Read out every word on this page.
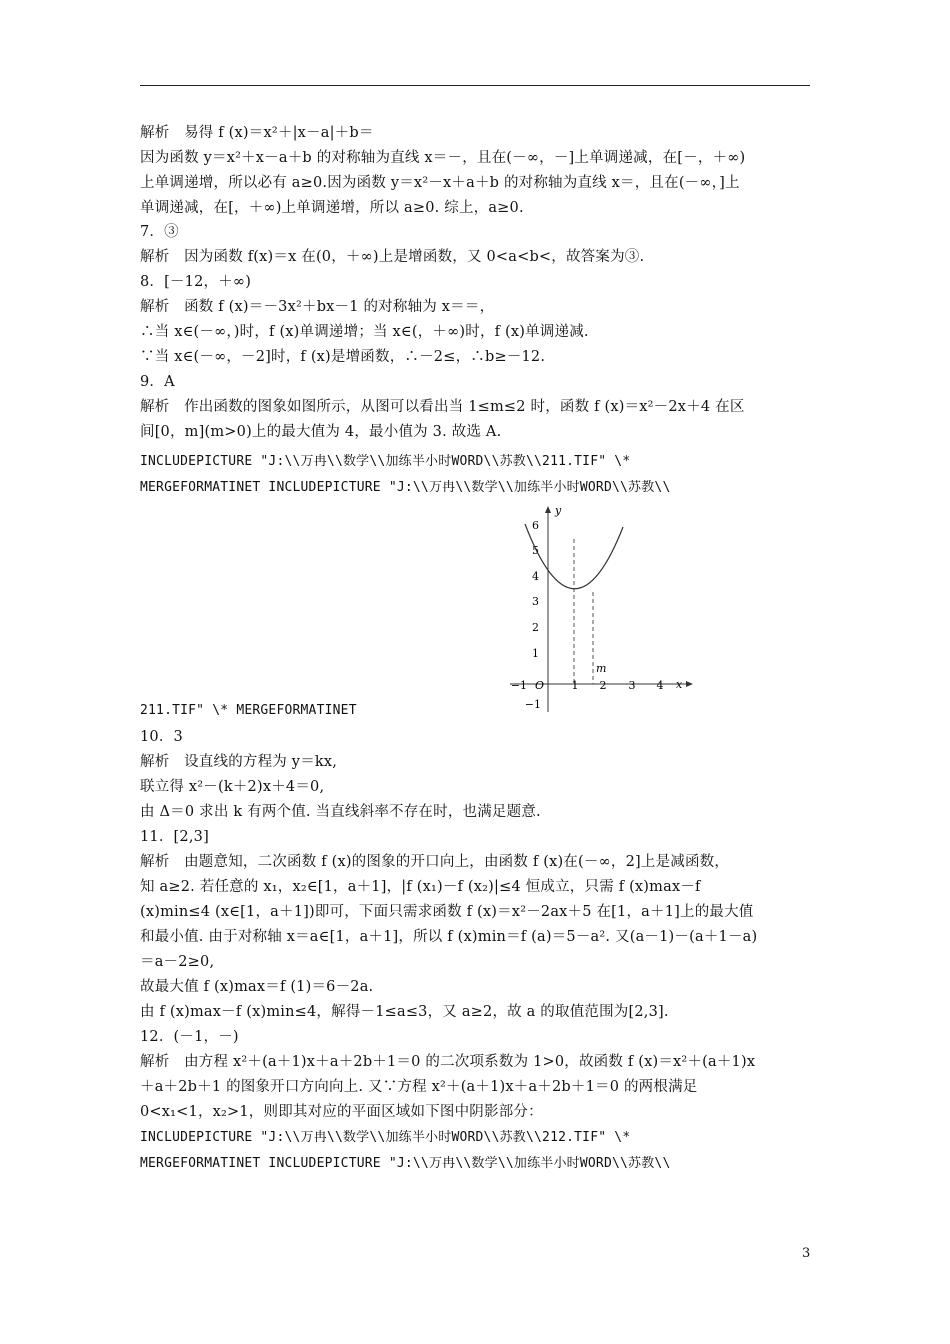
解析　易得 f (x)＝x²＋|x－a|＋b＝
因为函数 y＝x²＋x－a＋b 的对称轴为直线 x＝－，且在(－∞，－]上单调递减，在[－，＋∞)
上单调递增，所以必有 a≥0.因为函数 y＝x²－x＋a＋b 的对称轴为直线 x＝，且在(－∞，]上
单调递减，在[，＋∞)上单调递增，所以 a≥0. 综上，a≥0.
7．③
解析　因为函数 f(x)＝x 在(0，＋∞)上是增函数，又 0<a<b<，故答案为③.
8．[－12，＋∞)
解析　函数 f (x)＝－3x²＋bx－1 的对称轴为 x＝＝，
∴当 x∈(－∞，)时，f (x)单调递增；当 x∈(，＋∞)时，f (x)单调递减.
∵当 x∈(－∞，－2]时，f (x)是增函数，∴－2≤，∴b≥－12.
9．A
解析　作出函数的图象如图所示，从图可以看出当 1≤m≤2 时，函数 f (x)＝x²－2x＋4 在区
间[0，m](m>0)上的最大值为 4，最小值为 3. 故选 A.
INCLUDEPICTURE "J:\\万冉\\数学\\加练半小时WORD\\苏教\\211.TIF" \*
MERGEFORMATINET INCLUDEPICTURE "J:\\万冉\\数学\\加练半小时WORD\\苏教\\
y
x
O
−1	1 2 3 4
6
5
4
3
2
1
−1
m
211.TIF" \* MERGEFORMATINET
10．3
解析　设直线的方程为 y＝kx,
联立得 x²－(k＋2)x＋4＝0,
由 Δ＝0 求出 k 有两个值. 当直线斜率不存在时，也满足题意.
11．[2,3]
解析　由题意知，二次函数 f (x)的图象的开口向上，由函数 f (x)在(－∞，2]上是减函数，
知 a≥2. 若任意的 x₁，x₂∈[1，a＋1]，|f (x₁)－f (x₂)|≤4 恒成立，只需 f (x)max－f
(x)min≤4 (x∈[1，a＋1])即可，下面只需求函数 f (x)＝x²－2ax＋5 在[1，a＋1]上的最大值
和最小值. 由于对称轴 x＝a∈[1，a＋1]，所以 f (x)min＝f (a)＝5－a². 又(a－1)－(a＋1－a)
＝a－2≥0,
故最大值 f (x)max＝f (1)＝6－2a.
由 f (x)max－f (x)min≤4，解得－1≤a≤3，又 a≥2，故 a 的取值范围为[2,3].
12．(－1，－)
解析　由方程 x²＋(a＋1)x＋a＋2b＋1＝0 的二次项系数为 1>0，故函数 f (x)＝x²＋(a＋1)x
＋a＋2b＋1 的图象开口方向向上. 又∵方程 x²＋(a＋1)x＋a＋2b＋1＝0 的两根满足
0<x₁<1，x₂>1，则即其对应的平面区域如下图中阴影部分：
INCLUDEPICTURE "J:\\万冉\\数学\\加练半小时WORD\\苏教\\212.TIF" \*
MERGEFORMATINET INCLUDEPICTURE "J:\\万冉\\数学\\加练半小时WORD\\苏教\\
3
